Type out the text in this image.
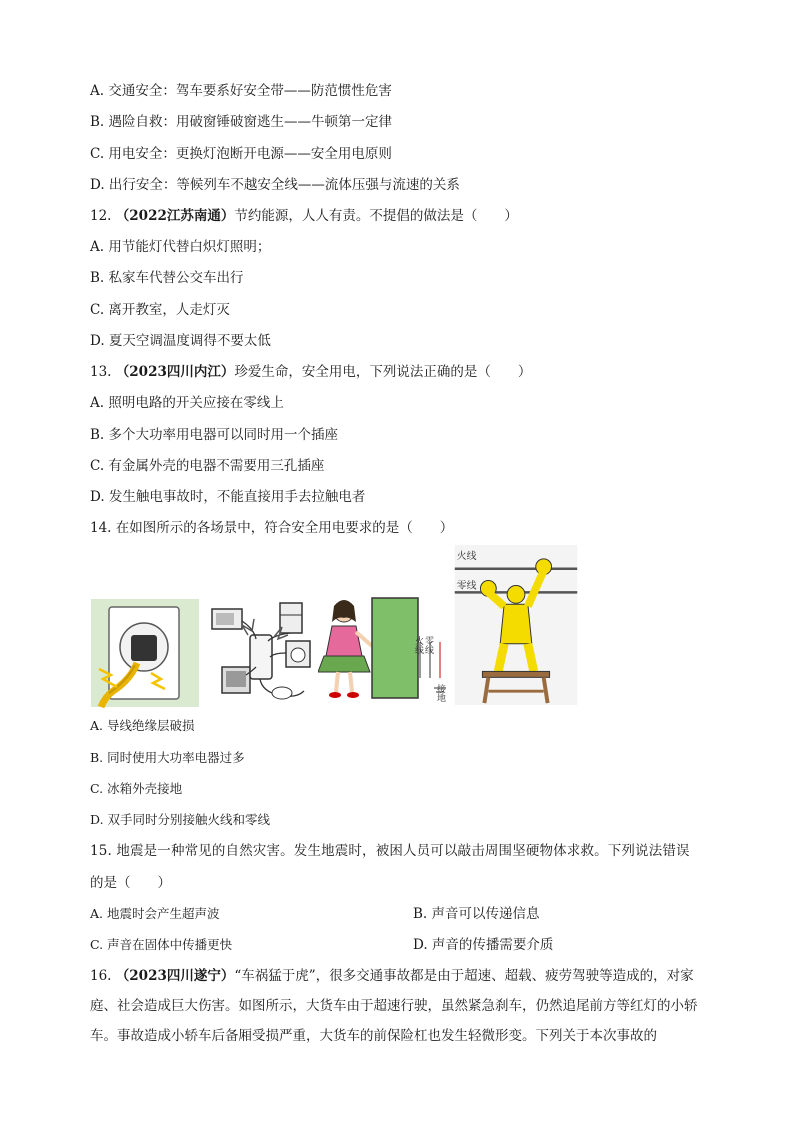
A. 交通安全：驾车要系好安全带——防范惯性危害
B. 遇险自救：用破窗锤破窗逃生——牛顿第一定律
C. 用电安全：更换灯泡断开电源——安全用电原则
D. 出行安全：等候列车不越安全线——流体压强与流速的关系
12. （2022江苏南通）节约能源，人人有责。不提倡的做法是（　　）
A. 用节能灯代替白炽灯照明；
B. 私家车代替公交车出行
C. 离开教室，人走灯灭
D. 夏天空调温度调得不要太低
13. （2023四川内江）珍爱生命，安全用电，下列说法正确的是（　　）
A. 照明电路的开关应接在零线上
B. 多个大功率用电器可以同时用一个插座
C. 有金属外壳的电器不需要用三孔插座
D. 发生触电事故时，不能直接用手去拉触电者
14. 在如图所示的各场景中，符合安全用电要求的是（　　）
火线 零线
接地
火线
零线
A. 导线绝缘层破损
B. 同时使用大功率电器过多
C. 冰箱外壳接地
D. 双手同时分别接触火线和零线
15. 地震是一种常见的自然灾害。发生地震时，被困人员可以敲击周围坚硬物体求救。下列说法错误
的是（　　）
A. 地震时会产生超声波	B. 声音可以传递信息
C. 声音在固体中传播更快	D. 声音的传播需要介质
16. （2023四川遂宁）“车祸猛于虎”，很多交通事故都是由于超速、超载、疲劳驾驶等造成的，对家庭、社会造成巨大伤害。如图所示，大货车由于超速行驶，虽然紧急刹车，仍然追尾前方等红灯的小轿车。事故造成小轿车后备厢受损严重，大货车的前保险杠也发生轻微形变。下列关于本次事故的
